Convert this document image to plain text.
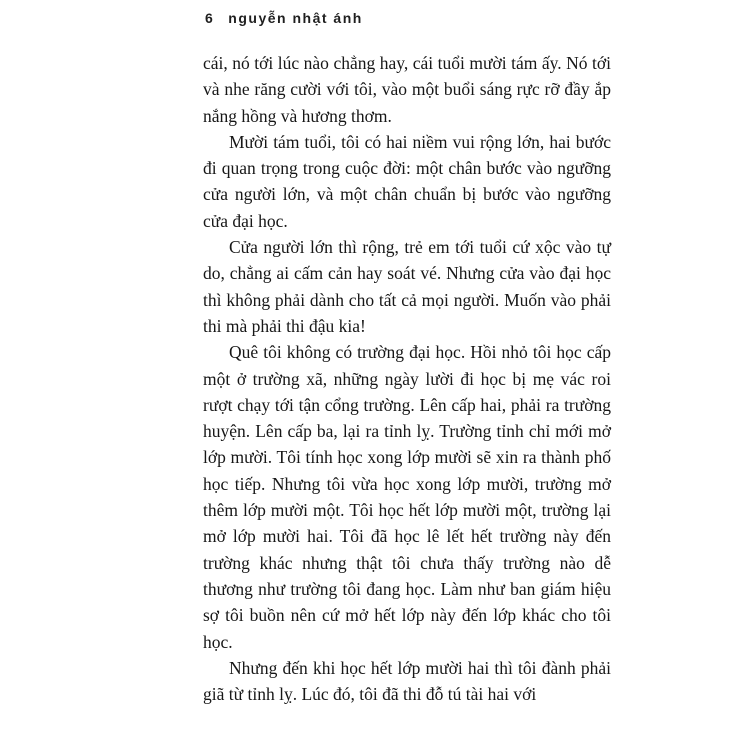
6 nguyễn nhật ánh

cái, nó tới lúc nào chẳng hay, cái tuổi mười tám ấy. Nó tới và nhe răng cười với tôi, vào một buổi sáng rực rỡ đầy ắp nắng hồng và hương thơm.

Mười tám tuổi, tôi có hai niềm vui rộng lớn, hai bước đi quan trọng trong cuộc đời: một chân bước vào ngưỡng cửa người lớn, và một chân chuẩn bị bước vào ngưỡng cửa đại học.

Cửa người lớn thì rộng, trẻ em tới tuổi cứ xộc vào tự do, chẳng ai cấm cản hay soát vé. Nhưng cửa vào đại học thì không phải dành cho tất cả mọi người. Muốn vào phải thi mà phải thi đậu kia!

Quê tôi không có trường đại học. Hồi nhỏ tôi học cấp một ở trường xã, những ngày lười đi học bị mẹ vác roi rượt chạy tới tận cổng trường. Lên cấp hai, phải ra trường huyện. Lên cấp ba, lại ra tỉnh lỵ. Trường tỉnh chỉ mới mở lớp mười. Tôi tính học xong lớp mười sẽ xin ra thành phố học tiếp. Nhưng tôi vừa học xong lớp mười, trường mở thêm lớp mười một. Tôi học hết lớp mười một, trường lại mở lớp mười hai. Tôi đã học lê lết hết trường này đến trường khác nhưng thật tôi chưa thấy trường nào dễ thương như trường tôi đang học. Làm như ban giám hiệu sợ tôi buồn nên cứ mở hết lớp này đến lớp khác cho tôi học.

Nhưng đến khi học hết lớp mười hai thì tôi đành phải giã từ tỉnh lỵ. Lúc đó, tôi đã thi đỗ tú tài hai với
